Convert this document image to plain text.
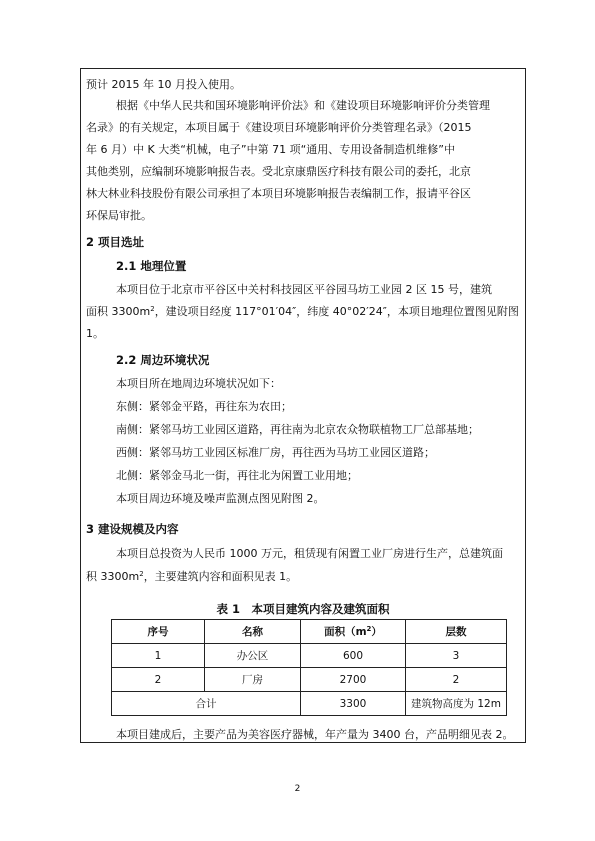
预计 2015 年 10 月投入使用。
根据《中华人民共和国环境影响评价法》和《建设项目环境影响评价分类管理
名录》的有关规定，本项目属于《建设项目环境影响评价分类管理名录》（2015
年 6 月）中 K 大类“机械，电子”中第 71 项“通用、专用设备制造机维修”中
其他类别，应编制环境影响报告表。受北京康鼎医疗科技有限公司的委托，北京
林大林业科技股份有限公司承担了本项目环境影响报告表编制工作，报请平谷区
环保局审批。
2 项目选址
2.1 地理位置
本项目位于北京市平谷区中关村科技园区平谷园马坊工业园 2 区 15 号，建筑
面积 $3300m^2$，建设项目经度 117°01′04″，纬度 40°02′24″，本项目地理位置图见附图
1。
2.2 周边环境状况
本项目所在地周边环境状况如下：
东侧：紧邻金平路，再往东为农田；
南侧：紧邻马坊工业园区道路，再往南为北京农众物联植物工厂总部基地；
西侧：紧邻马坊工业园区标准厂房，再往西为马坊工业园区道路；
北侧：紧邻金马北一街，再往北为闲置工业用地；
本项目周边环境及噪声监测点图见附图 2。
3 建设规模及内容
本项目总投资为人民币 1000 万元，租赁现有闲置工业厂房进行生产，总建筑面
积 $3300m^2$，主要建筑内容和面积见表 1。
表 1　本项目建筑内容及建筑面积
序号	名称	面积$(m^2)$	层数
1	办公区	600	3
2	厂房	2700	2
合计		3300	建筑物高度为 12m
本项目建成后，主要产品为美容医疗器械，年产量为 3400 台，产品明细见表 2。
2
